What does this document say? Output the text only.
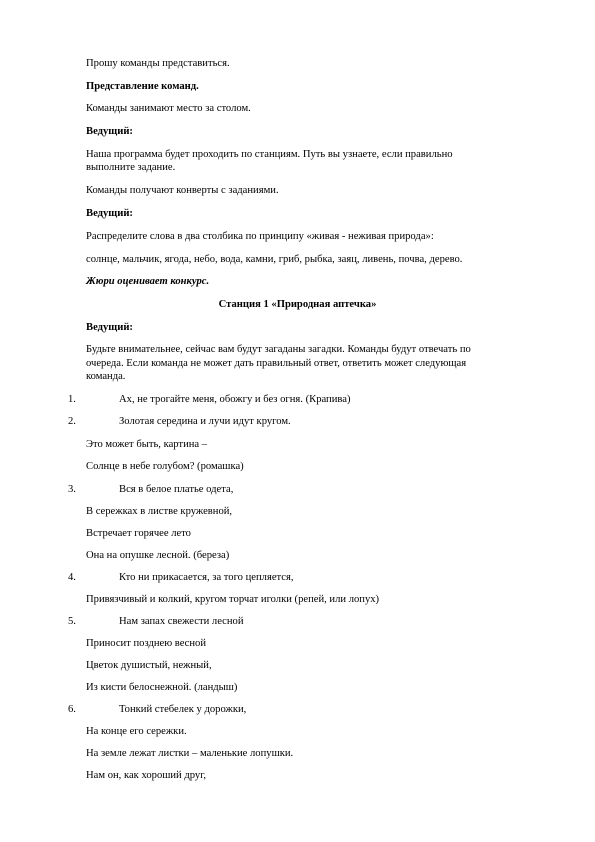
Прошу команды представиться.
Представление команд.
Команды занимают место за столом.
Ведущий:
Наша программа будет проходить по станциям. Путь вы узнаете, если правильно
выполните задание.
Команды получают конверты с заданиями.
Ведущий:
Распределите слова в два столбика по принципу «живая - неживая природа»:
солнце, мальчик, ягода, небо, вода, камни, гриб, рыбка, заяц, ливень, почва, дерево.
Жюри оценивает конкурс.
Станция 1 «Природная аптечка»
Ведущий:
Будьте внимательнее, сейчас вам будут загаданы загадки. Команды будут отвечать по
очереда. Если команда не может дать правильный ответ, ответить может следующая
команда.
1.	Ах, не трогайте меня, обожгу и без огня. (Крапива)
2.	Золотая середина и лучи идут кругом.
Это может быть, картина –
Солнце в небе голубом? (ромашка)
3.	Вся в белое платье одета,
В сережках в листве кружевной,
Встречает горячее лето
Она на опушке лесной. (береза)
4.	Кто ни прикасается, за того цепляется,
Привязчивый и колкий, кругом торчат иголки (репей, или лопух)
5.	Нам запах свежести лесной
Приносит позднею весной
Цветок душистый, нежный,
Из кисти белоснежной. (ландыш)
6.	Тонкий стебелек у дорожки,
На конце его сережки.
На земле лежат листки – маленькие лопушки.
Нам он, как хороший друг,
